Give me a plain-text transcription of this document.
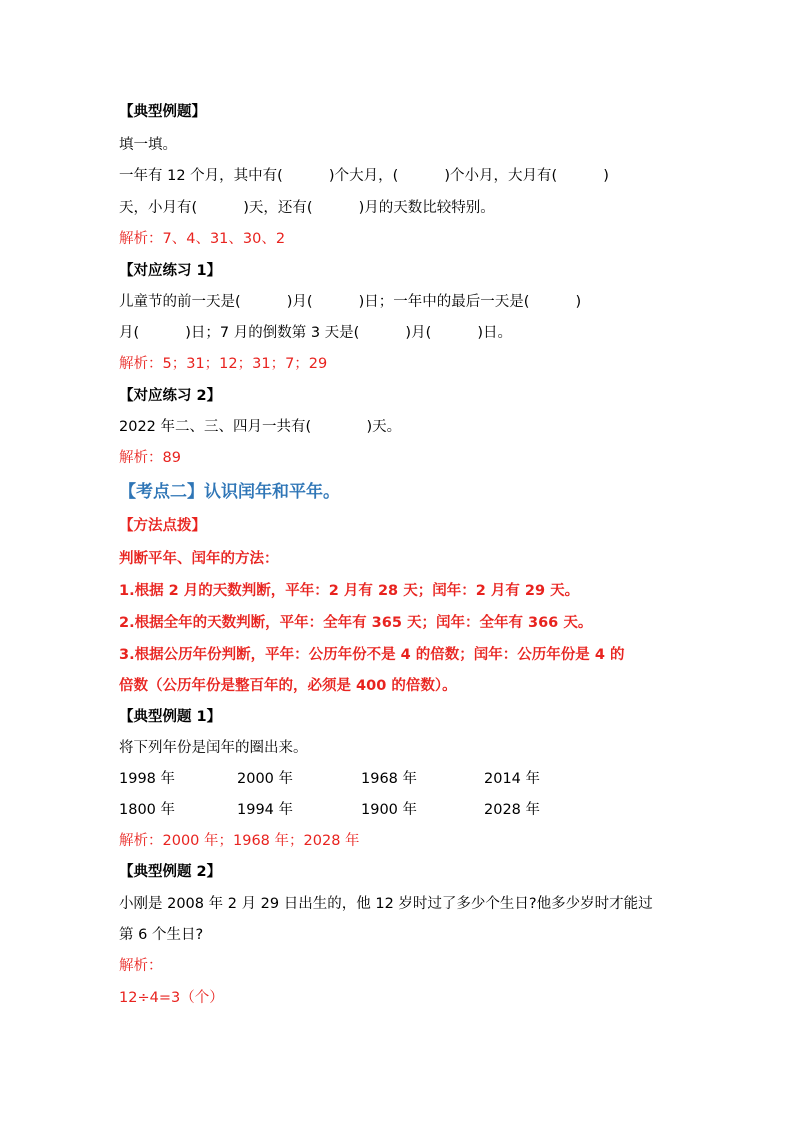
【典型例题】
填一填。
一年有 12 个月，其中有(          )个大月，(          )个小月，大月有(          )
天，小月有(          )天，还有(          )月的天数比较特别。
解析：7、4、31、30、2
【对应练习 1】
儿童节的前一天是(          )月(          )日；一年中的最后一天是(          )
月(          )日；7 月的倒数第 3 天是(          )月(          )日。
解析：5；31；12；31；7；29
【对应练习 2】
2022 年二、三、四月一共有(            )天。
解析：89
【考点二】认识闰年和平年。
【方法点拨】
判断平年、闰年的方法：
1.根据 2 月的天数判断，平年：2 月有 28 天；闰年：2 月有 29 天。
2.根据全年的天数判断，平年：全年有 365 天；闰年：全年有 366 天。
3.根据公历年份判断，平年：公历年份不是 4 的倍数；闰年：公历年份是 4 的
倍数（公历年份是整百年的，必须是 400 的倍数）。
【典型例题 1】
将下列年份是闰年的圈出来。
1998 年	2000 年	1968 年	2014 年
1800 年	1994 年	1900 年	2028 年
解析：2000 年；1968 年；2028 年
【典型例题 2】
小刚是 2008 年 2 月 29 日出生的，他 12 岁时过了多少个生日?他多少岁时才能过
第 6 个生日?
解析：
12÷4=3（个）
